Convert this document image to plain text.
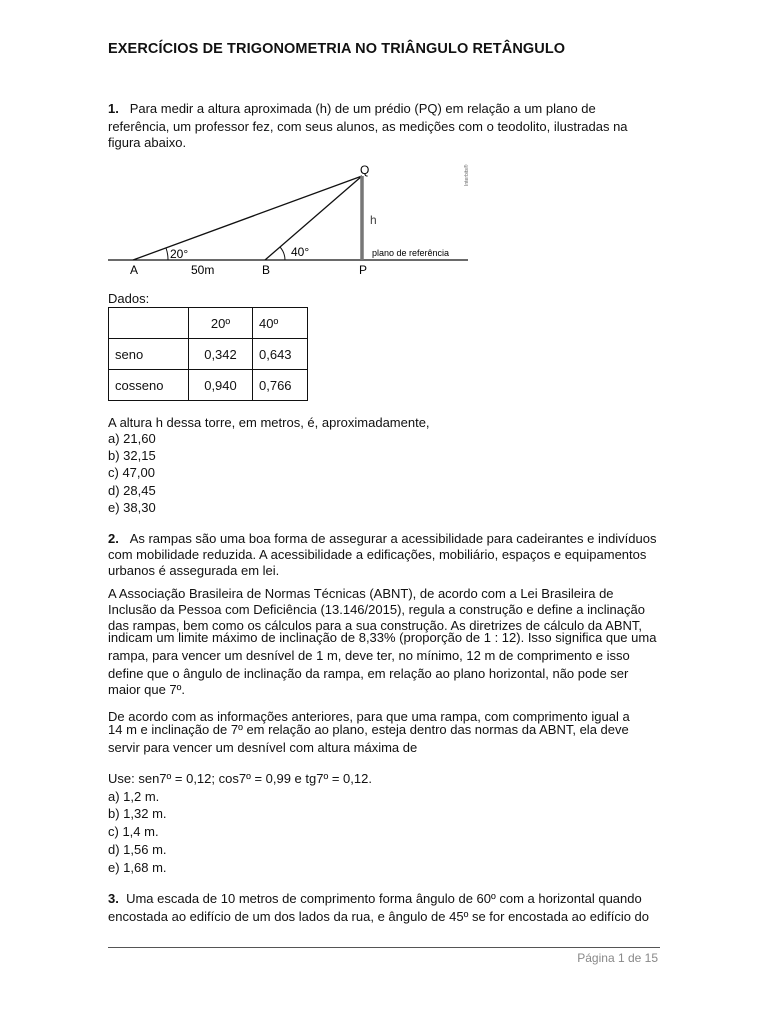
EXERCÍCIOS DE TRIGONOMETRIA NO TRIÂNGULO RETÂNGULO
1. Para medir a altura aproximada (h) de um prédio (PQ) em relação a um plano de
referência, um professor fez, com seus alunos, as medições com o teodolito, ilustradas na
figura abaixo.
Q
h
20°	40°	plano de referência
A	50m	B	P
Interbits®
Dados:
	20º	40º
seno	0,342	0,643
cosseno	0,940	0,766
A altura h dessa torre, em metros, é, aproximadamente,
a) 21,60
b) 32,15
c) 47,00
d) 28,45
e) 38,30
2. As rampas são uma boa forma de assegurar a acessibilidade para cadeirantes e indivíduos
com mobilidade reduzida. A acessibilidade a edificações, mobiliário, espaços e equipamentos
urbanos é assegurada em lei.
A Associação Brasileira de Normas Técnicas (ABNT), de acordo com a Lei Brasileira de
Inclusão da Pessoa com Deficiência (13.146/2015), regula a construção e define a inclinação
das rampas, bem como os cálculos para a sua construção. As diretrizes de cálculo da ABNT,
indicam um limite máximo de inclinação de 8,33% (proporção de 1 : 12). Isso significa que uma
rampa, para vencer um desnível de 1 m, deve ter, no mínimo, 12 m de comprimento e isso
define que o ângulo de inclinação da rampa, em relação ao plano horizontal, não pode ser
maior que 7º.
De acordo com as informações anteriores, para que uma rampa, com comprimento igual a
14 m e inclinação de 7º em relação ao plano, esteja dentro das normas da ABNT, ela deve
servir para vencer um desnível com altura máxima de
Use: sen7º = 0,12; cos7º = 0,99 e tg7º = 0,12.
a) 1,2 m.
b) 1,32 m.
c) 1,4 m.
d) 1,56 m.
e) 1,68 m.
3. Uma escada de 10 metros de comprimento forma ângulo de 60º com a horizontal quando
encostada ao edifício de um dos lados da rua, e ângulo de 45º se for encostada ao edifício do
Página 1 de 15
